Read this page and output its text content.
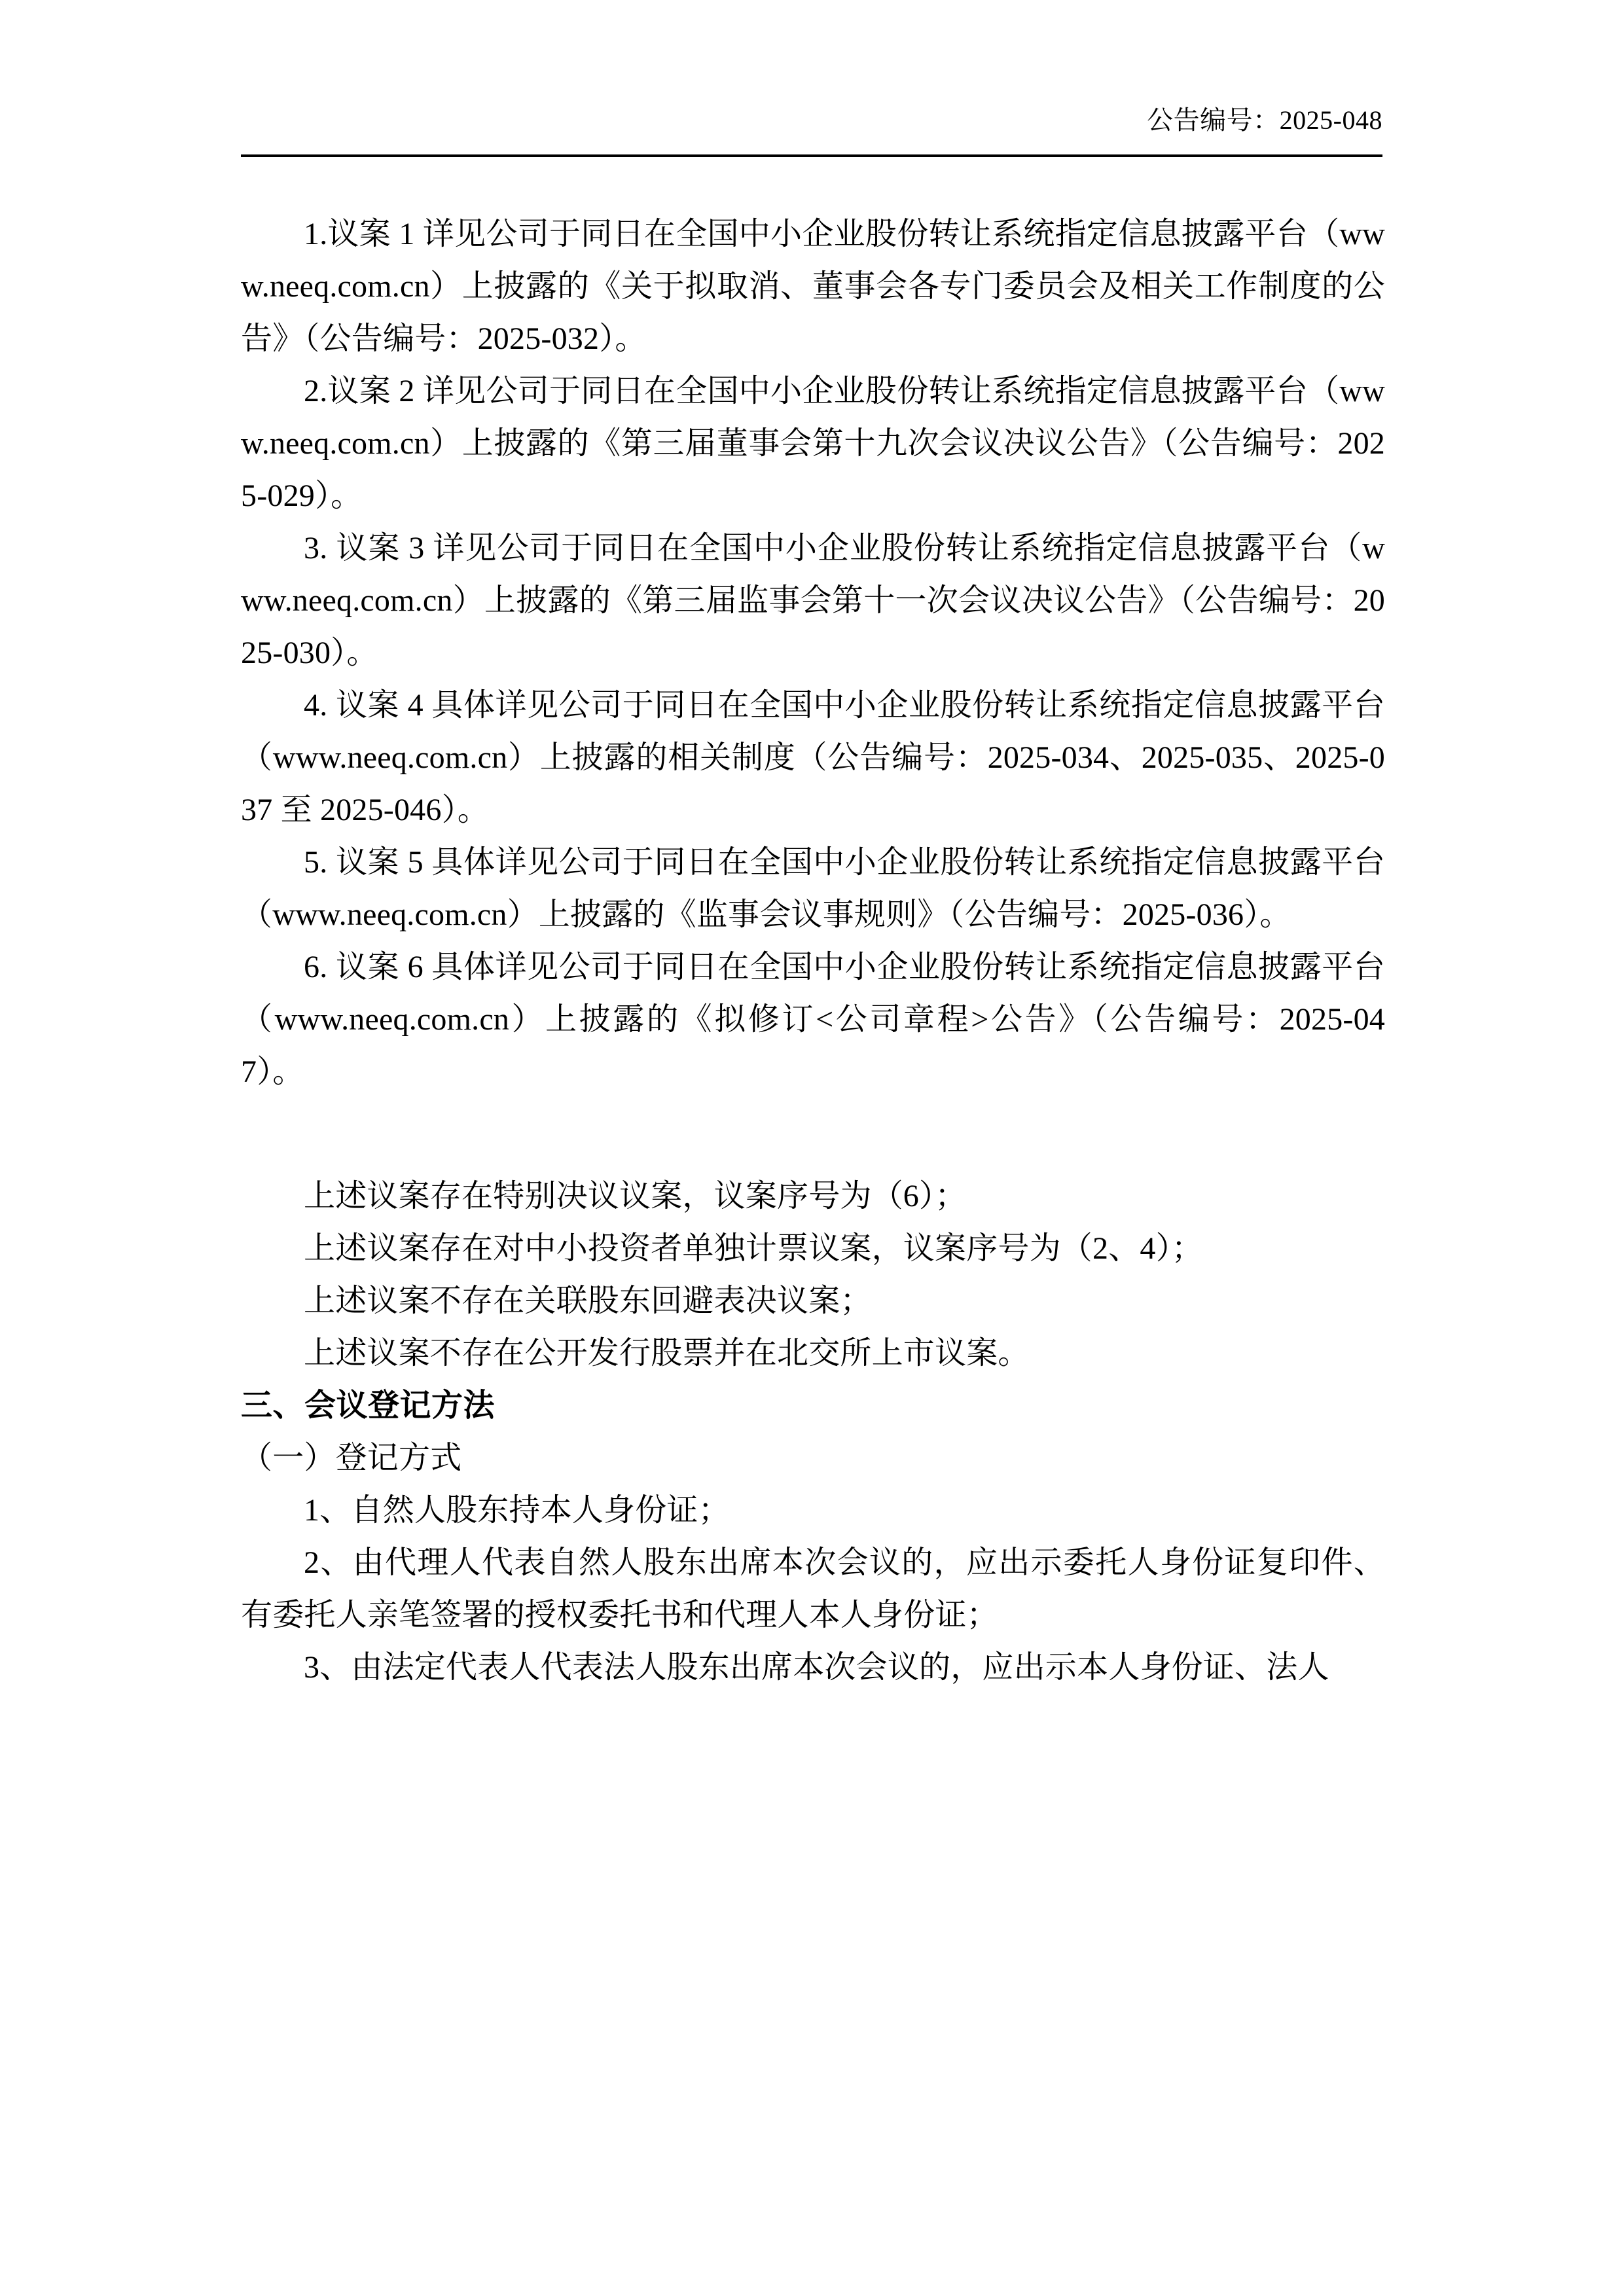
公告编号：2025-048

1.议案 1 详见公司于同日在全国中小企业股份转让系统指定信息披露平台（www.neeq.com.cn）上披露的《关于拟取消、董事会各专门委员会及相关工作制度的公告》（公告编号：2025-032）。

2.议案 2 详见公司于同日在全国中小企业股份转让系统指定信息披露平台（www.neeq.com.cn）上披露的《第三届董事会第十九次会议决议公告》（公告编号：2025-029）。

3. 议案 3 详见公司于同日在全国中小企业股份转让系统指定信息披露平台（www.neeq.com.cn）上披露的《第三届监事会第十一次会议决议公告》（公告编号：2025-030）。

4. 议案 4 具体详见公司于同日在全国中小企业股份转让系统指定信息披露平台（www.neeq.com.cn）上披露的相关制度（公告编号：2025-034、2025-035、2025-037 至 2025-046）。

5. 议案 5 具体详见公司于同日在全国中小企业股份转让系统指定信息披露平台（www.neeq.com.cn）上披露的《监事会议事规则》（公告编号：2025-036）。

6. 议案 6 具体详见公司于同日在全国中小企业股份转让系统指定信息披露平台（www.neeq.com.cn）上披露的《拟修订<公司章程>公告》（公告编号：2025-047）。

上述议案存在特别决议议案，议案序号为（6）；

上述议案存在对中小投资者单独计票议案，议案序号为（2、4）；

上述议案不存在关联股东回避表决议案；

上述议案不存在公开发行股票并在北交所上市议案。

三、会议登记方法

（一）登记方式

1、自然人股东持本人身份证；

2、由代理人代表自然人股东出席本次会议的，应出示委托人身份证复印件、有委托人亲笔签署的授权委托书和代理人本人身份证；

3、由法定代表人代表法人股东出席本次会议的，应出示本人身份证、法人
